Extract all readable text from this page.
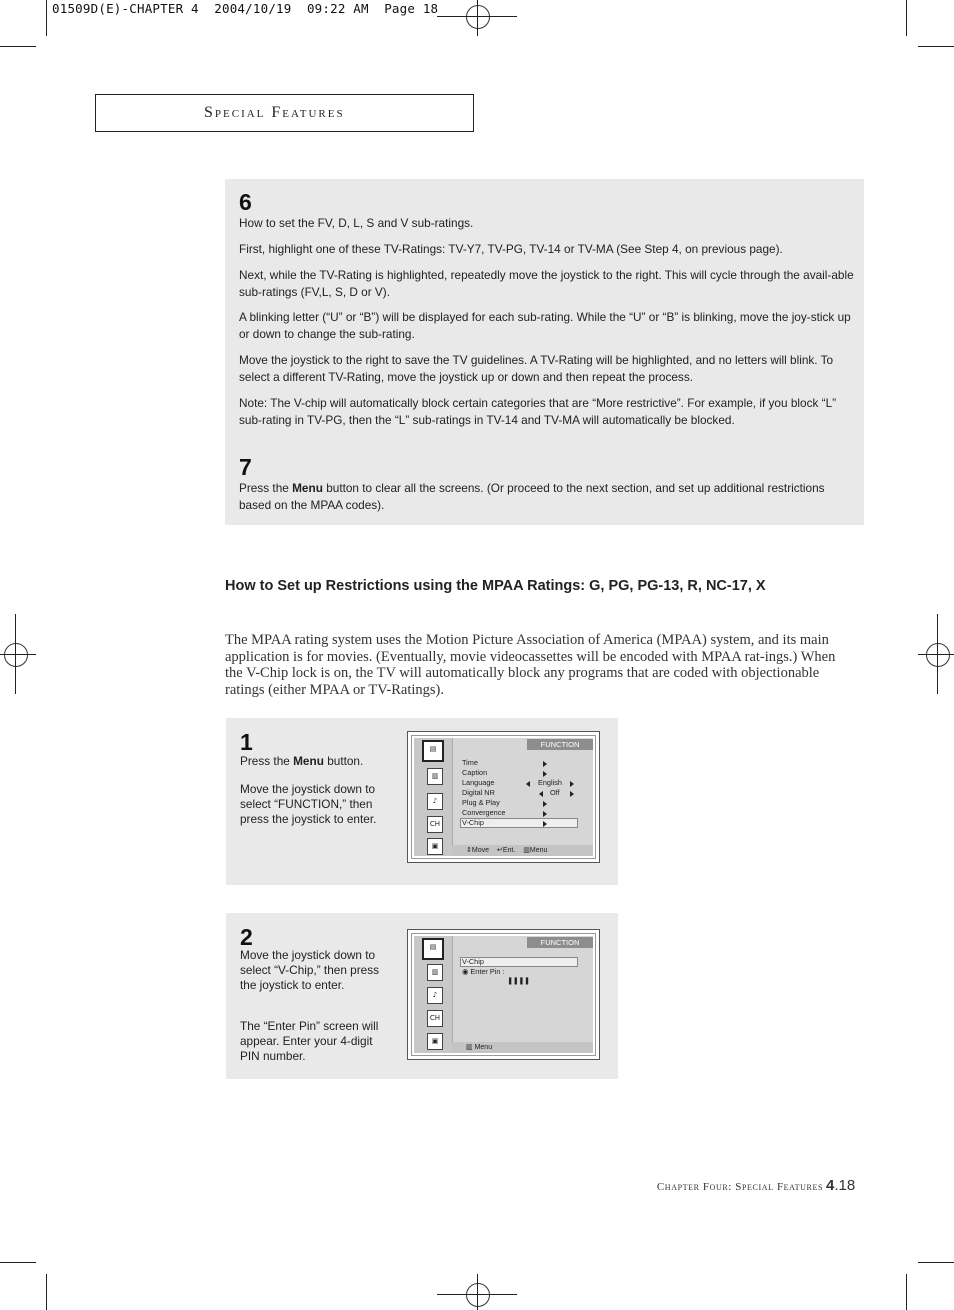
01509D(E)-CHAPTER 4  2004/10/19  09:22 AM  Page 18
Special Features
6

How to set the FV, D, L, S and V sub-ratings.

First, highlight one of these TV-Ratings: TV-Y7, TV-PG, TV-14 or TV-MA (See Step 4, on previous page).

Next, while the TV-Rating is highlighted, repeatedly move the joystick to the right. This will cycle through the avail-able sub-ratings (FV,L, S, D or V).

A blinking letter (“U” or “B”) will be displayed for each sub-rating. While the “U” or “B” is blinking, move the joy-stick up or down to change the sub-rating.

Move the joystick to the right to save the TV guidelines. A TV-Rating will be highlighted, and no letters will blink. To select a different TV-Rating, move the joystick up or down and then repeat the process.

Note: The V-chip will automatically block certain categories that are “More restrictive”. For example, if you block “L” sub-rating in TV-PG, then the “L” sub-ratings in TV-14 and TV-MA will automatically be blocked.

7

Press the Menu button to clear all the screens. (Or proceed to the next section, and set up additional restrictions based on the MPAA codes).

How to Set up Restrictions using the MPAA Ratings: G, PG, PG-13, R, NC-17, X

The MPAA rating system uses the Motion Picture Association of America (MPAA) system, and its main application is for movies. (Eventually, movie videocassettes will be encoded with MPAA rat-ings.) When the V-Chip lock is on, the TV will automatically block any programs that are coded with objectionable ratings (either MPAA or TV-Ratings).

1

Press the Menu button.

Move the joystick down to select “FUNCTION,” then press the joystick to enter.

▤
▥
♪
CH
▣
FUNCTION
Time
Caption
Language	English
Digital NR	Off
Plug & Play
Convergence
V-Chip
⇕Move ↵Ent. ▥Menu
2

Move the joystick down to select “V-Chip,” then press the joystick to enter.

The “Enter Pin” screen will appear. Enter your 4-digit PIN number.

▤
▥
♪
CH
▣
FUNCTION
V-Chip
◉ Enter Pin :
▌▌▌▌
▥ Menu
Chapter Four: Special Features 4.18
